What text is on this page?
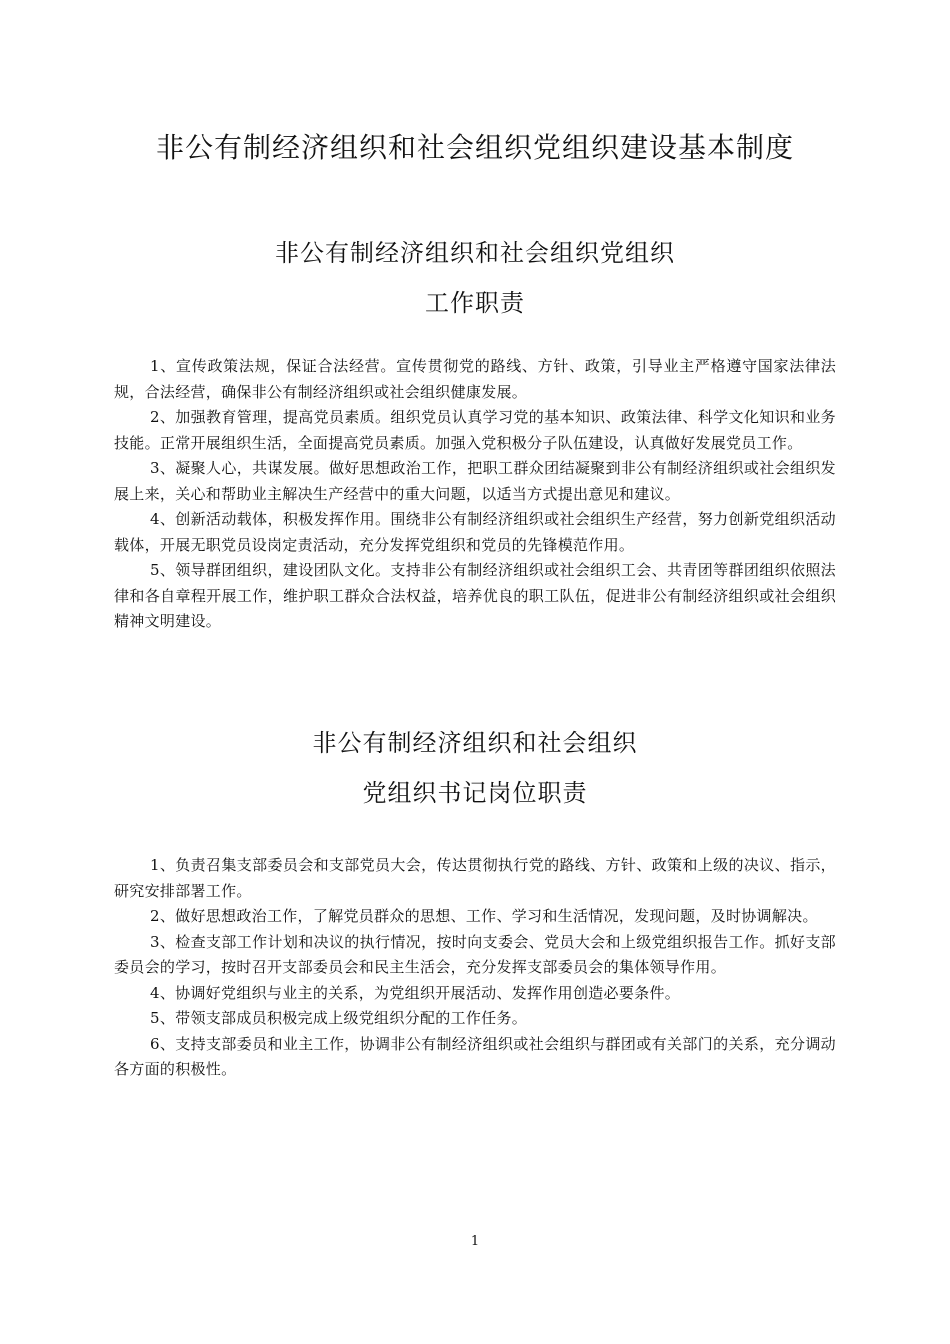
非公有制经济组织和社会组织党组织建设基本制度
非公有制经济组织和社会组织党组织
工作职责

1、宣传政策法规，保证合法经营。宣传贯彻党的路线、方针、政策，引导业主严格遵守国家法律法规，合法经营，确保非公有制经济组织或社会组织健康发展。

2、加强教育管理，提高党员素质。组织党员认真学习党的基本知识、政策法律、科学文化知识和业务技能。正常开展组织生活，全面提高党员素质。加强入党积极分子队伍建设，认真做好发展党员工作。

3、凝聚人心，共谋发展。做好思想政治工作，把职工群众团结凝聚到非公有制经济组织或社会组织发展上来，关心和帮助业主解决生产经营中的重大问题，以适当方式提出意见和建议。

4、创新活动载体，积极发挥作用。围绕非公有制经济组织或社会组织生产经营，努力创新党组织活动载体，开展无职党员设岗定责活动，充分发挥党组织和党员的先锋模范作用。

5、领导群团组织，建设团队文化。支持非公有制经济组织或社会组织工会、共青团等群团组织依照法律和各自章程开展工作，维护职工群众合法权益，培养优良的职工队伍，促进非公有制经济组织或社会组织精神文明建设。

非公有制经济组织和社会组织
党组织书记岗位职责

1、负责召集支部委员会和支部党员大会，传达贯彻执行党的路线、方针、政策和上级的决议、指示，研究安排部署工作。

2、做好思想政治工作，了解党员群众的思想、工作、学习和生活情况，发现问题，及时协调解决。

3、检查支部工作计划和决议的执行情况，按时向支委会、党员大会和上级党组织报告工作。抓好支部委员会的学习，按时召开支部委员会和民主生活会，充分发挥支部委员会的集体领导作用。

4、协调好党组织与业主的关系，为党组织开展活动、发挥作用创造必要条件。

5、带领支部成员积极完成上级党组织分配的工作任务。

6、支持支部委员和业主工作，协调非公有制经济组织或社会组织与群团或有关部门的关系，充分调动各方面的积极性。

1
